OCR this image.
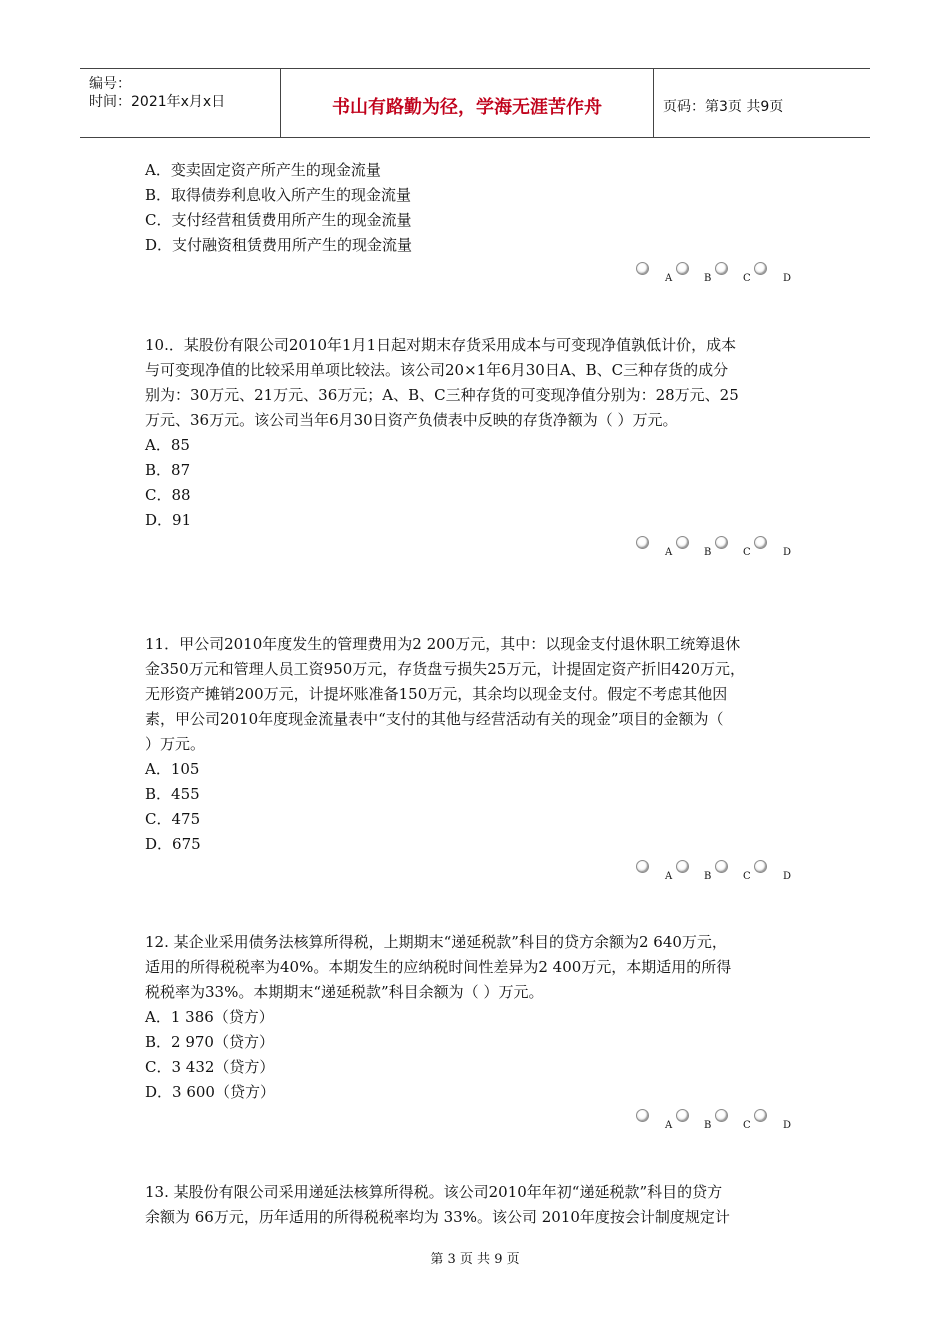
编号：
时间：2021年x月x日	书山有路勤为径，学海无涯苦作舟	页码：第3页 共9页
A．变卖固定资产所产生的现金流量
B．取得债券利息收入所产生的现金流量
C．支付经营租赁费用所产生的现金流量
D．支付融资租赁费用所产生的现金流量
A	B	C	D
10.．某股份有限公司2010年1月1日起对期末存货采用成本与可变现净值孰低计价，成本
与可变现净值的比较采用单项比较法。该公司20×1年6月30日A、B、C三种存货的成分
别为：30万元、21万元、36万元；A、B、C三种存货的可变现净值分别为：28万元、25
万元、36万元。该公司当年6月30日资产负债表中反映的存货净额为（ ）万元。
A．85
B．87
C．88
D．91
A	B	C	D
11．甲公司2010年度发生的管理费用为2 200万元，其中：以现金支付退休职工统筹退休
金350万元和管理人员工资950万元，存货盘亏损失25万元，计提固定资产折旧420万元，
无形资产摊销200万元，计提坏账准备150万元，其余均以现金支付。假定不考虑其他因
素，甲公司2010年度现金流量表中“支付的其他与经营活动有关的现金”项目的金额为（
）万元。
A．105
B．455
C．475
D．675
A	B	C	D
12. 某企业采用债务法核算所得税，上期期末“递延税款”科目的贷方余额为2 640万元，
适用的所得税税率为40%。本期发生的应纳税时间性差异为2 400万元，本期适用的所得
税税率为33%。本期期末“递延税款”科目余额为（ ）万元。
A．1 386（贷方）
B．2 970（贷方）
C．3 432（贷方）
D．3 600（贷方）
A	B	C	D
13. 某股份有限公司采用递延法核算所得税。该公司2010年年初“递延税款”科目的贷方
余额为 66万元，历年适用的所得税税率均为 33%。该公司 2010年度按会计制度规定计
第 3 页 共 9 页
